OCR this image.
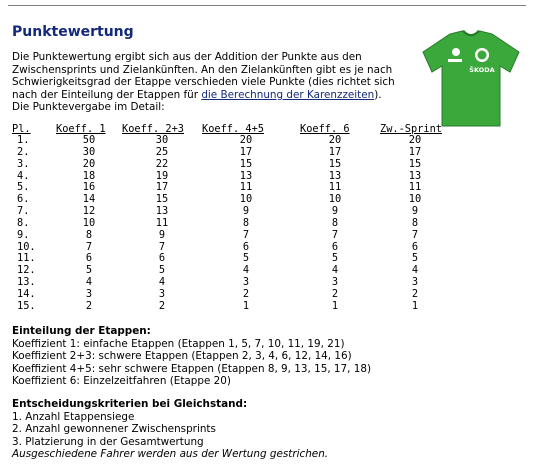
Punktewertung
Die Punktewertung ergibt sich aus der Addition der Punkte aus den Zwischensprints und Zielankünften. An den Zielankünften gibt es je nach Schwierigkeitsgrad der Etappe verschieden viele Punkte (dies richtet sich nach der Einteilung der Etappen für die Berechnung der Karenzzeiten).
Die Punktevergabe im Detail:
ŠKODA
Pl.	Koeff. 1	Koeff. 2+3	Koeff. 4+5	Koeff. 6	Zw.-Sprint
1.	50	30	20	20	20
2.	30	25	17	17	17
3.	20	22	15	15	15
4.	18	19	13	13	13
5.	16	17	11	11	11
6.	14	15	10	10	10
7.	12	13	9	9	9
8.	10	11	8	8	8
9.	8	9	7	7	7
10.	7	7	6	6	6
11.	6	6	5	5	5
12.	5	5	4	4	4
13.	4	4	3	3	3
14.	3	3	2	2	2
15.	2	2	1	1	1
Einteilung der Etappen:
Koeffizient 1: einfache Etappen (Etappen 1, 5, 7, 10, 11, 19, 21)
Koeffizient 2+3: schwere Etappen (Etappen 2, 3, 4, 6, 12, 14, 16)
Koeffizient 4+5: sehr schwere Etappen (Etappen 8, 9, 13, 15, 17, 18)
Koeffizient 6: Einzelzeitfahren (Etappe 20)
Entscheidungskriterien bei Gleichstand:
1. Anzahl Etappensiege
2. Anzahl gewonnener Zwischensprints
3. Platzierung in der Gesamtwertung
Ausgeschiedene Fahrer werden aus der Wertung gestrichen.
